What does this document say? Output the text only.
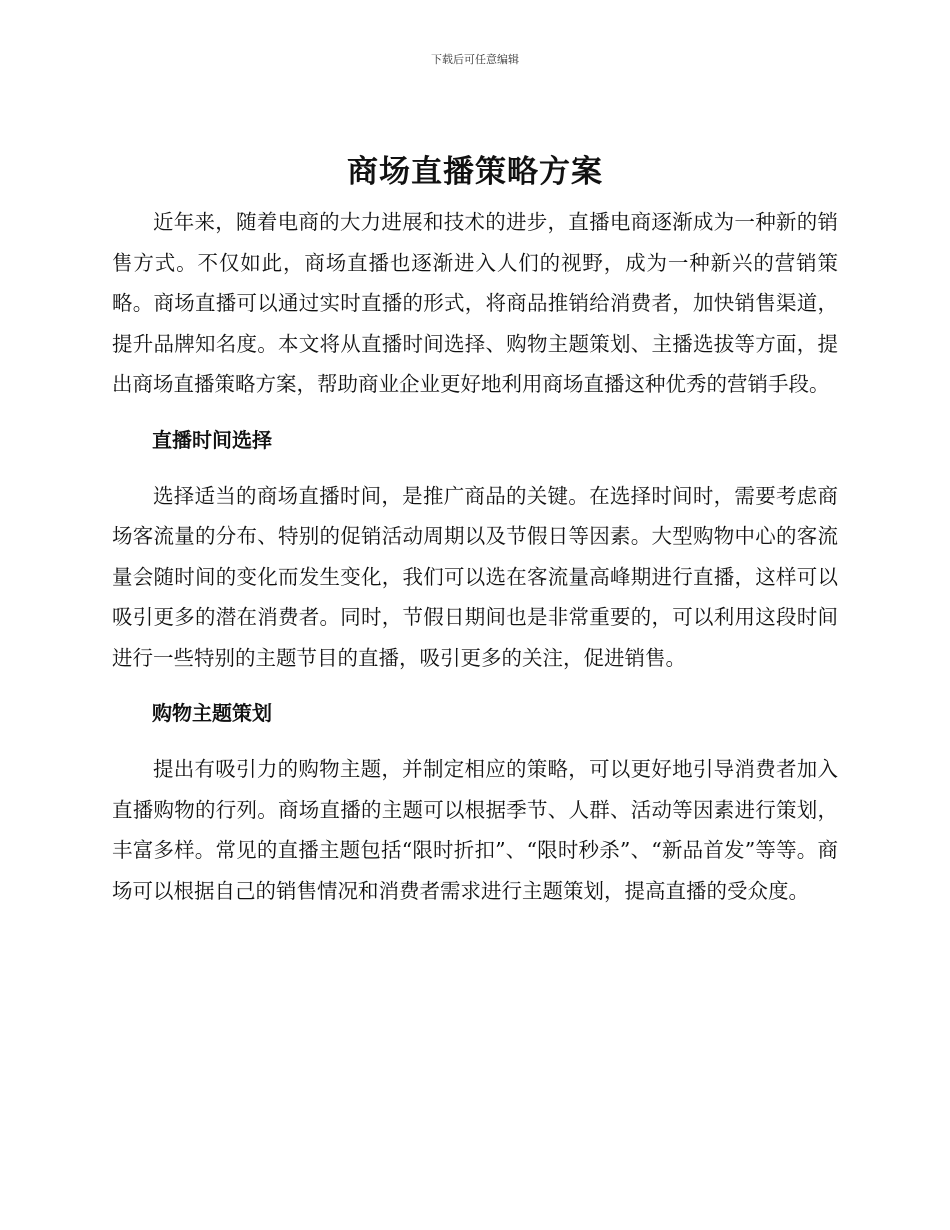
下载后可任意编辑
商场直播策略方案

近年来，随着电商的大力进展和技术的进步，直播电商逐渐成为一种新的销售方式。不仅如此，商场直播也逐渐进入人们的视野，成为一种新兴的营销策略。商场直播可以通过实时直播的形式，将商品推销给消费者，加快销售渠道，提升品牌知名度。本文将从直播时间选择、购物主题策划、主播选拔等方面，提出商场直播策略方案，帮助商业企业更好地利用商场直播这种优秀的营销手段。

直播时间选择

选择适当的商场直播时间，是推广商品的关键。在选择时间时，需要考虑商场客流量的分布、特别的促销活动周期以及节假日等因素。大型购物中心的客流量会随时间的变化而发生变化，我们可以选在客流量高峰期进行直播，这样可以吸引更多的潜在消费者。同时，节假日期间也是非常重要的，可以利用这段时间进行一些特别的主题节目的直播，吸引更多的关注，促进销售。

购物主题策划

提出有吸引力的购物主题，并制定相应的策略，可以更好地引导消费者加入直播购物的行列。商场直播的主题可以根据季节、人群、活动等因素进行策划，丰富多样。常见的直播主题包括“限时折扣”、“限时秒杀”、“新品首发”等等。商场可以根据自己的销售情况和消费者需求进行主题策划，提高直播的受众度。
